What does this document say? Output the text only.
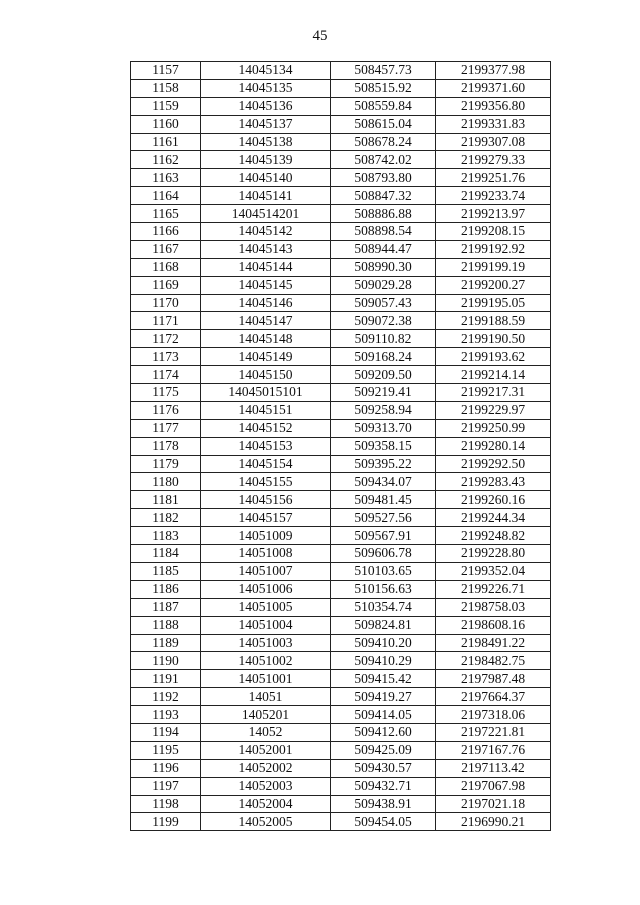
45
1157	14045134	508457.73	2199377.98
1158	14045135	508515.92	2199371.60
1159	14045136	508559.84	2199356.80
1160	14045137	508615.04	2199331.83
1161	14045138	508678.24	2199307.08
1162	14045139	508742.02	2199279.33
1163	14045140	508793.80	2199251.76
1164	14045141	508847.32	2199233.74
1165	1404514201	508886.88	2199213.97
1166	14045142	508898.54	2199208.15
1167	14045143	508944.47	2199192.92
1168	14045144	508990.30	2199199.19
1169	14045145	509029.28	2199200.27
1170	14045146	509057.43	2199195.05
1171	14045147	509072.38	2199188.59
1172	14045148	509110.82	2199190.50
1173	14045149	509168.24	2199193.62
1174	14045150	509209.50	2199214.14
1175	14045015101	509219.41	2199217.31
1176	14045151	509258.94	2199229.97
1177	14045152	509313.70	2199250.99
1178	14045153	509358.15	2199280.14
1179	14045154	509395.22	2199292.50
1180	14045155	509434.07	2199283.43
1181	14045156	509481.45	2199260.16
1182	14045157	509527.56	2199244.34
1183	14051009	509567.91	2199248.82
1184	14051008	509606.78	2199228.80
1185	14051007	510103.65	2199352.04
1186	14051006	510156.63	2199226.71
1187	14051005	510354.74	2198758.03
1188	14051004	509824.81	2198608.16
1189	14051003	509410.20	2198491.22
1190	14051002	509410.29	2198482.75
1191	14051001	509415.42	2197987.48
1192	14051	509419.27	2197664.37
1193	1405201	509414.05	2197318.06
1194	14052	509412.60	2197221.81
1195	14052001	509425.09	2197167.76
1196	14052002	509430.57	2197113.42
1197	14052003	509432.71	2197067.98
1198	14052004	509438.91	2197021.18
1199	14052005	509454.05	2196990.21
